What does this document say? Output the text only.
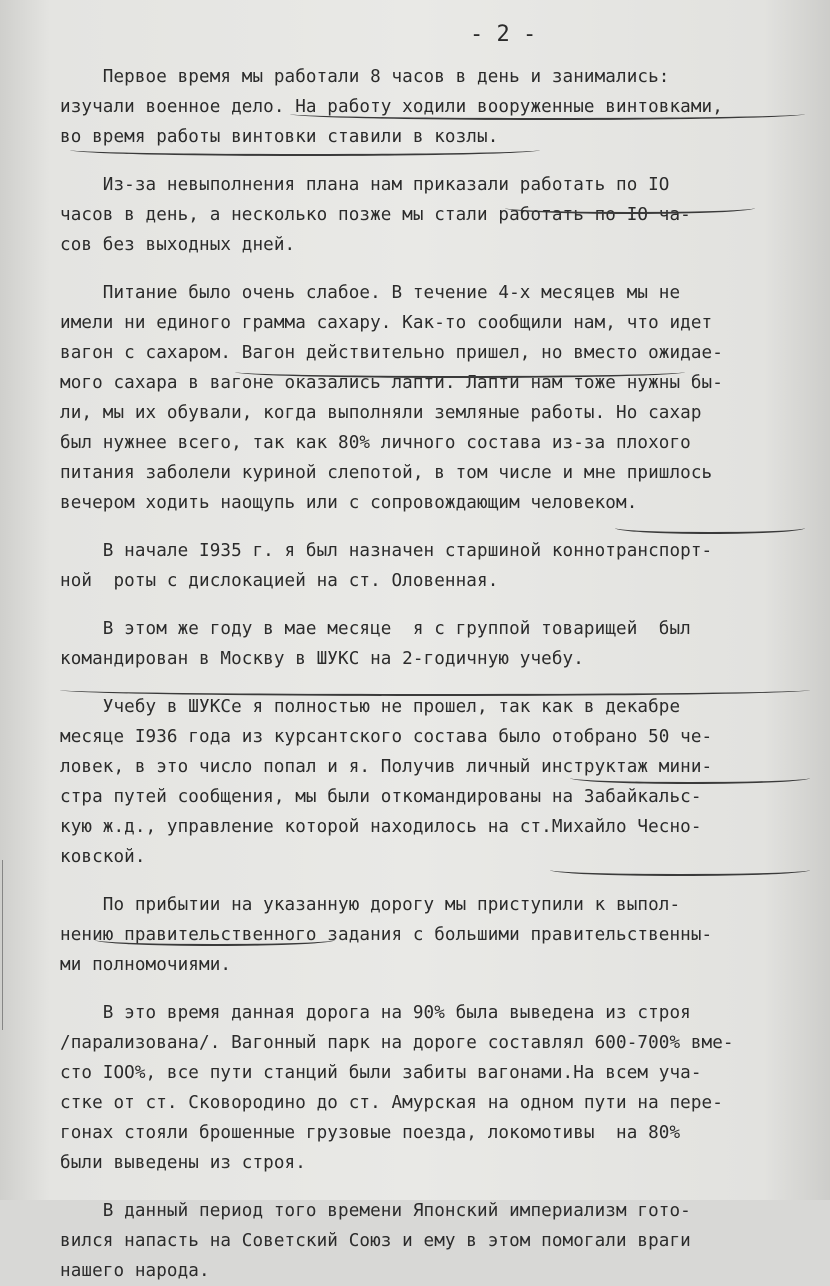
- 2 -
Первое время мы работали 8 часов в день и занимались:
изучали военное дело. На работу ходили вооруженные винтовками,
во время работы винтовки ставили в козлы.
Из-за невыполнения плана нам приказали работать по IO
часов в день, а несколько позже мы стали работать по IO ча-
сов без выходных дней.
Питание было очень слабое. В течение 4-х месяцев мы не
имели ни единого грамма сахару. Как-то сообщили нам, что идет
вагон с сахаром. Вагон действительно пришел, но вместо ожидае-
мого сахара в вагоне оказались лапти. Лапти нам тоже нужны бы-
ли, мы их обували, когда выполняли земляные работы. Но сахар
был нужнее всего, так как 80% личного состава из-за плохого
питания заболели куриной слепотой, в том числе и мне пришлось
вечером ходить наощупь или с сопровождающим человеком.
В начале I935 г. я был назначен старшиной коннотранспорт-
ной  роты с дислокацией на ст. Оловенная.
В этом же году в мае месяце  я с группой товарищей  был
командирован в Москву в ШУКС на 2-годичную учебу.
Учебу в ШУКСе я полностью не прошел, так как в декабре
месяце I936 года из курсантского состава было отобрано 50 че-
ловек, в это число попал и я. Получив личный инструктаж мини-
стра путей сообщения, мы были откомандированы на Забайкальс-
кую ж.д., управление которой находилось на ст.Михайло Чесно-
ковской.
По прибытии на указанную дорогу мы приступили к выпол-
нению правительственного задания с большими правительственны-
ми полномочиями.
В это время данная дорога на 90% была выведена из строя
/парализована/. Вагонный парк на дороге составлял 600-700% вме-
сто IOO%, все пути станций были забиты вагонами.На всем уча-
стке от ст. Сковородино до ст. Амурская на одном пути на пере-
гонах стояли брошенные грузовые поезда, локомотивы  на 80%
были выведены из строя.
В данный период того времени Японский империализм гото-
вился напасть на Советский Союз и ему в этом помогали враги
нашего народа.
